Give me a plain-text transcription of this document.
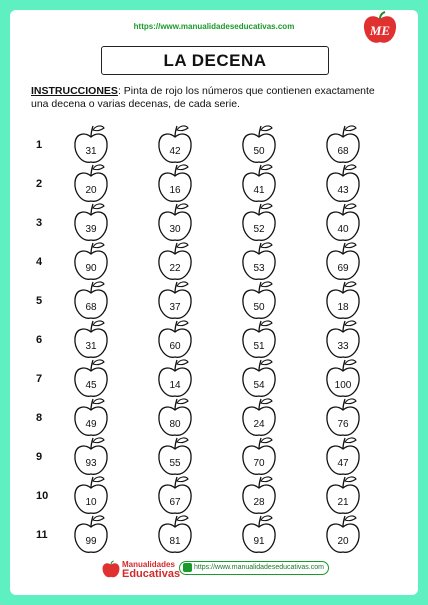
https://www.manualidadeseducativas.com	ME
LA DECENA
INSTRUCCIONES: Pinta de rojo los números que contienen exactamente una decena o varias decenas, de cada serie.
1
31	42	50	68
2
20	16	41	43
3
39	30	52	40
4
90	22	53	69
5
68	37	50	18
6
31	60	51	33
7
45	14	54	100
8
49	80	24	76
9
93	55	70	47
10
10	67	28	21
11
99	81	91	20
Manualidades
Educativas
https://www.manualidadeseducativas.com
